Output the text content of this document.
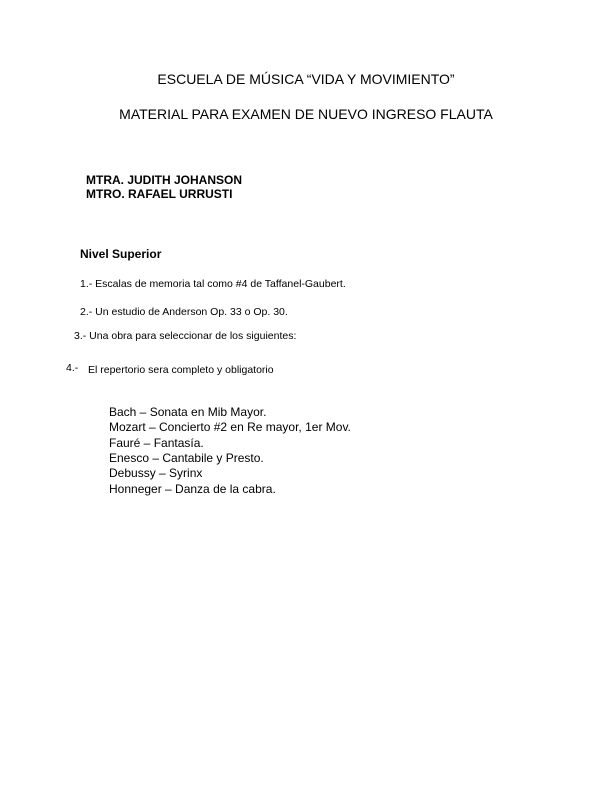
ESCUELA DE MÚSICA “VIDA Y MOVIMIENTO”
MATERIAL PARA EXAMEN DE NUEVO INGRESO FLAUTA
MTRA. JUDITH JOHANSON
MTRO. RAFAEL URRUSTI
Nivel Superior
1.- Escalas de memoria tal como #4 de Taffanel-Gaubert.
2.- Un estudio de Anderson Op. 33 o Op. 30.
3.- Una obra para seleccionar de los siguientes:
4.- El repertorio sera completo y obligatorio
Bach – Sonata en Mib Mayor.
Mozart – Concierto #2 en Re mayor, 1er Mov.
Fauré – Fantasía.
Enesco – Cantabile y Presto.
Debussy – Syrinx
Honneger – Danza de la cabra.
